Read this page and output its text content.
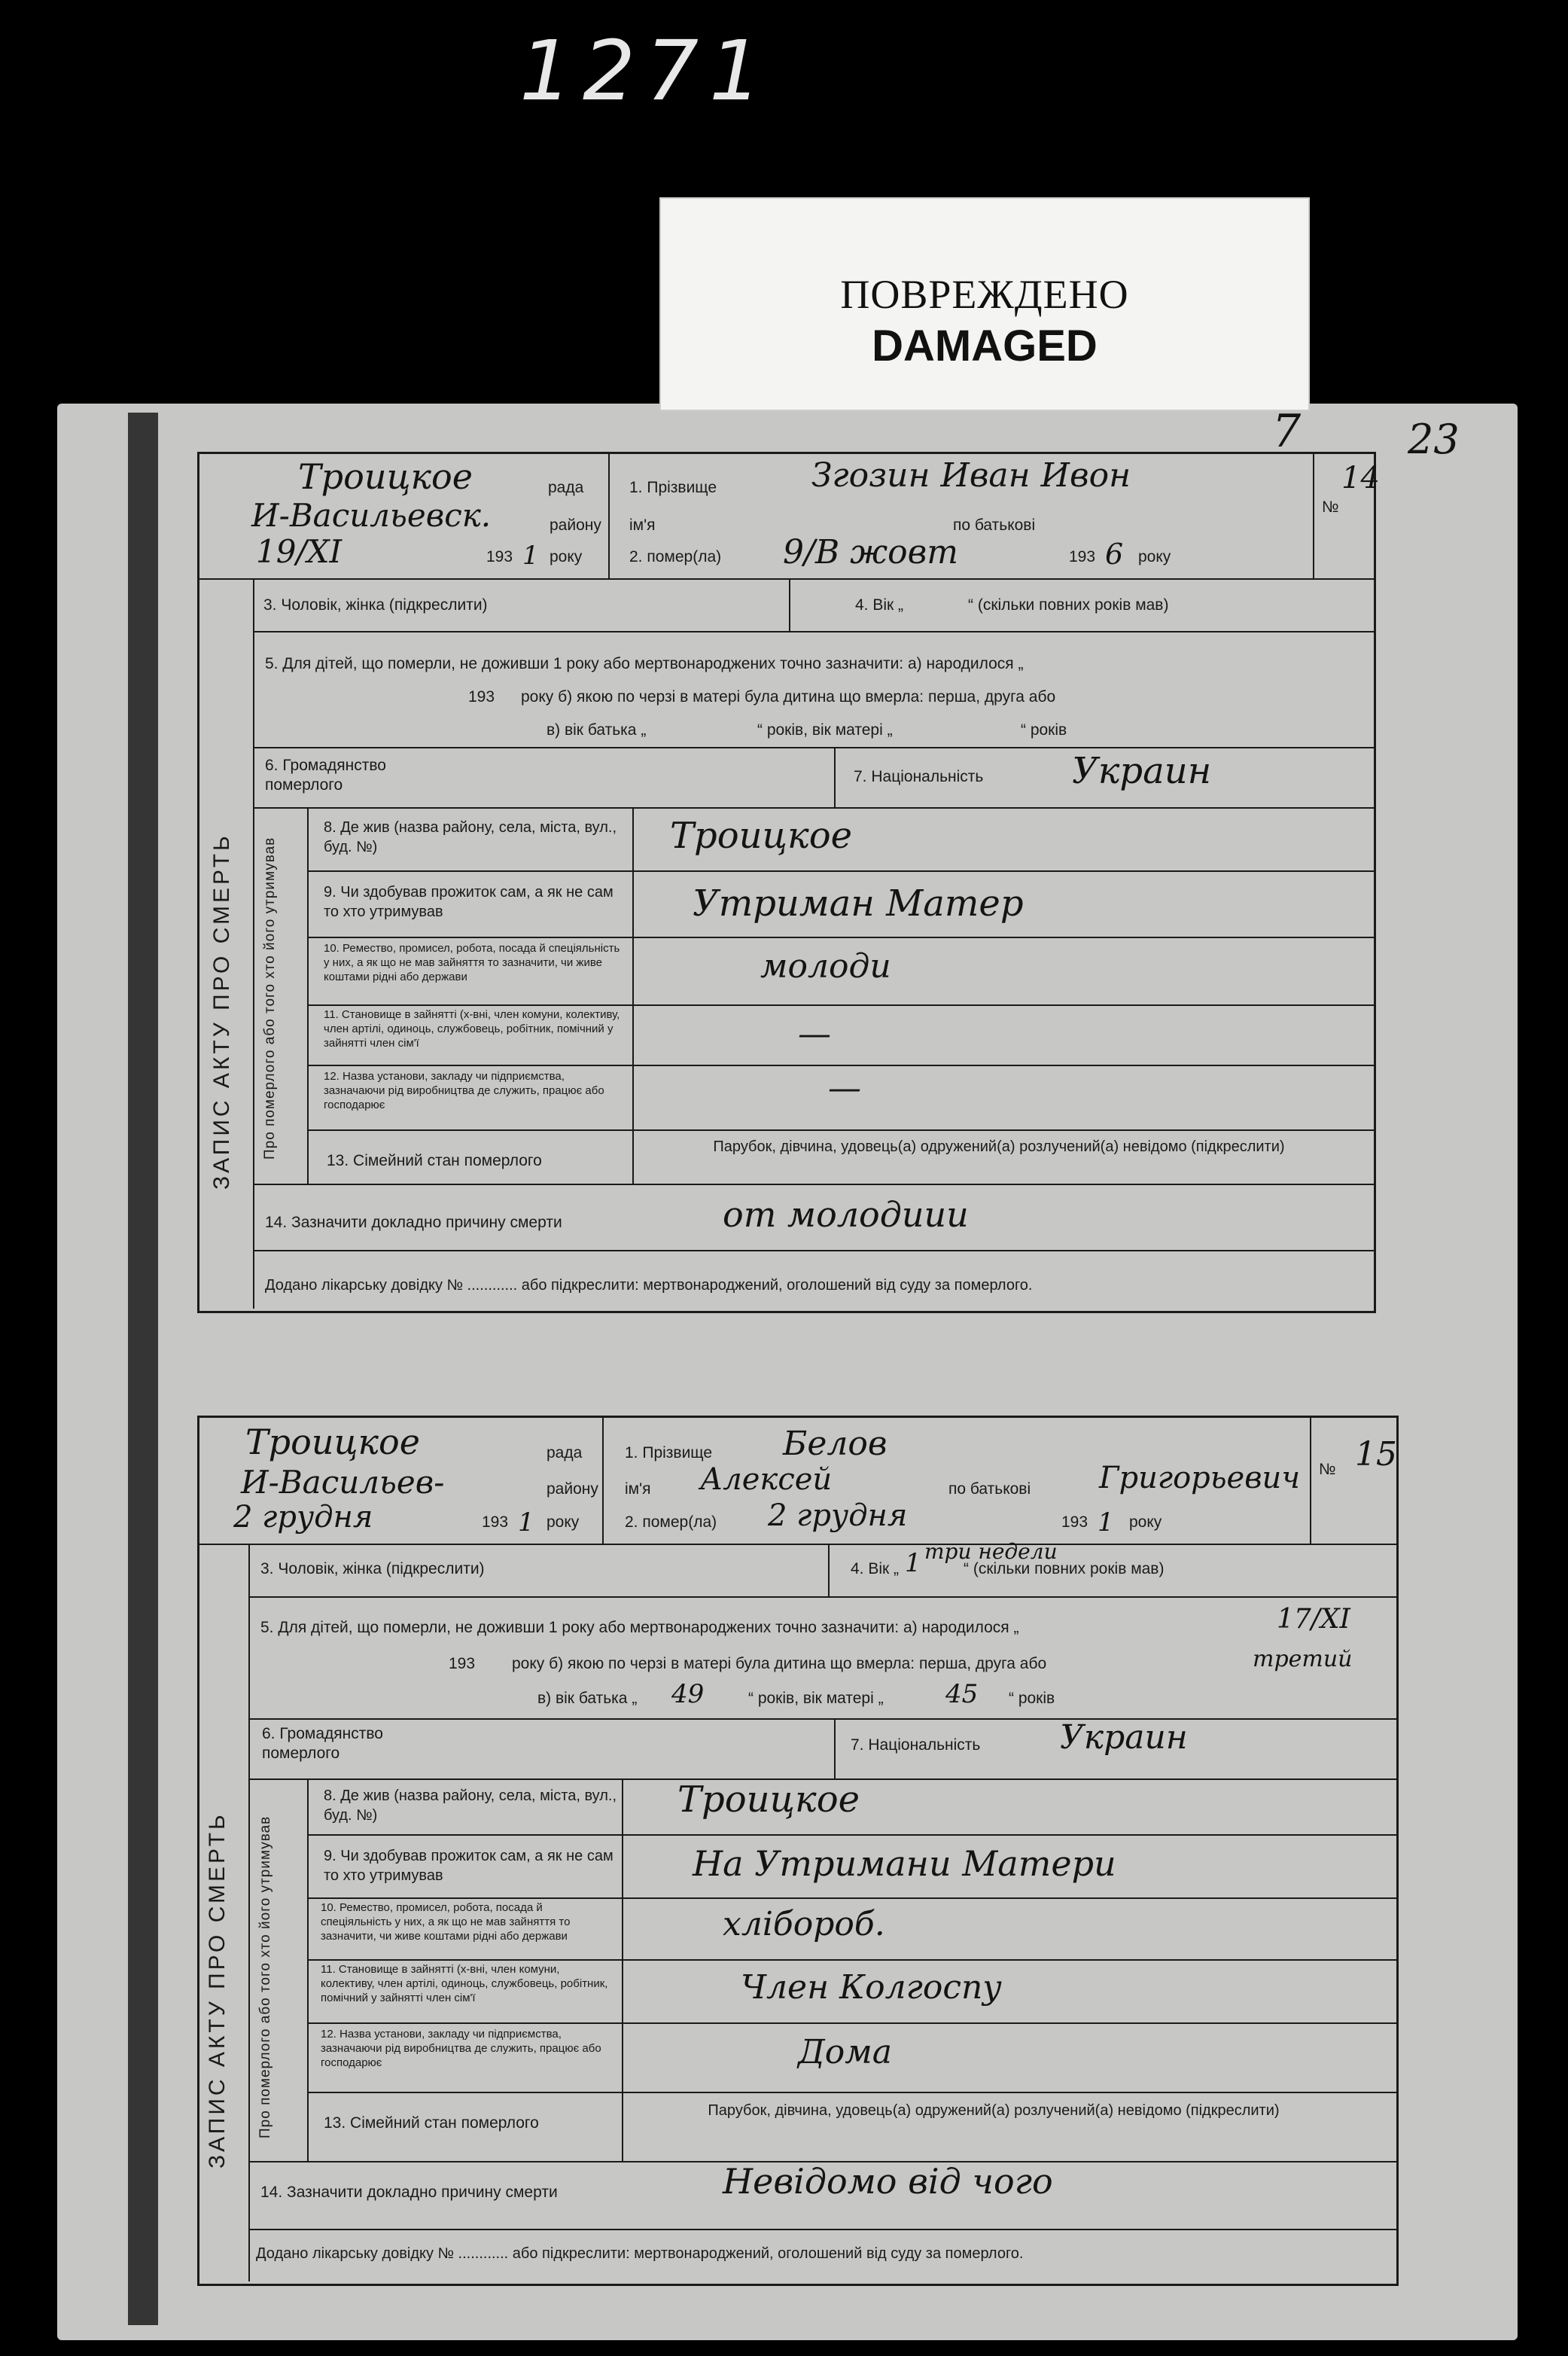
1271
ПОВРЕЖДЕНО
DAMAGED
7	23
ЗАПИС АКТУ ПРО СМЕРТЬ Про померлого або того хто його утримував
Троицкое	рада
И-Васильевск.	району
19/XI	193 1 року
1. Прізвище	Згозин Иван Ивон
ім'я	по батькові
2. помер(ла) 9/B жовт	193 6 року
№
14
3. Чоловік, жінка (підкреслити)	4. Вік „	“ (скільки повних років мав)
5. Для дітей, що померли, не доживши 1 року або мертвонароджених точно зазначити: а) народилося „
193 року б) якою по черзі в матері була дитина що вмерла: перша, друга або
в) вік батька „	“ років, вік матері „	“ років
6. Громадянство
померлого	7. Національність Украин
8. Де жив (назва району, села, міста, вул., буд. №)	Троицкое
9. Чи здобував прожиток сам, а як не сам то хто утримував	Утриман Матер
10. Ремество, промисел, робота, посада й спеціяльність у них, а як що не мав зайняття то зазначити, чи живе коштами рідні або держави	молоди
11. Становище в зайнятті (х-вні, член комуни, колективу, член артілі, одиноць, службовець, робітник, помічний у зайнятті член сім'ї	—
12. Назва установи, закладу чи підприємства, зазначаючи рід виробництва де служить, працює або гоcподарює	—
13. Сімейний стан померлого
Парубок, дівчина, удовець(а) одружений(а) розлучений(а) невідомо (підкреслити)
14. Зазначити докладно причину смерти	от молодиии
Додано лікарську довідку № ............ або підкреслити: мертвонароджений, оголошений від суду за померлого.
ЗАПИС АКТУ ПРО СМЕРТЬ Про померлого або того хто його утримував
Троицкое	рада
И-Васильев-	району
2 грудня	193 1 року
1. Прізвище Белов
ім'я Алексей	по батькові Григорьевич
2. помер(ла) 2 грудня	193 1 року
№ 15
3. Чоловік, жінка (підкреслити)	4. Вік „ 1 три недели
“ (скільки повних років мав)
5. Для дітей, що померли, не доживши 1 року або мертвонароджених точно зазначити: а) народилося „	17/XI
193 року б) якою по черзі в матері була дитина що вмерла: перша, друга або	третий
в) вік батька „ 49	“ років, вік матері „ 45 “ років
6. Громадянство
померлого	7. Національність Украин
8. Де жив (назва району, села, міста, вул., буд. №)	Троицкое
9. Чи здобував прожиток сам, а як не сам то хто утримував	На Утримани Матери
10. Ремество, промисел, робота, посада й спеціяльність у них, а як що не мав зайняття то зазначити, чи живе коштами рідні або держави	хлібороб.
11. Становище в зайнятті (х-вні, член комуни, колективу, член артілі, одиноць, службовець, робітник, помічний у зайнятті член сім'ї	Член Колгоспу
12. Назва установи, закладу чи підприємства, зазначаючи рід виробництва де служить, працює або гоcподарює	Дома
13. Сімейний стан померлого
Парубок, дівчина, удовець(а) одружений(а) розлучений(а) невідомо (підкреслити)
14. Зазначити докладно причину смерти	Невідомо від чого
Додано лікарську довідку № ............ або підкреслити: мертвонароджений, оголошений від суду за померлого.
